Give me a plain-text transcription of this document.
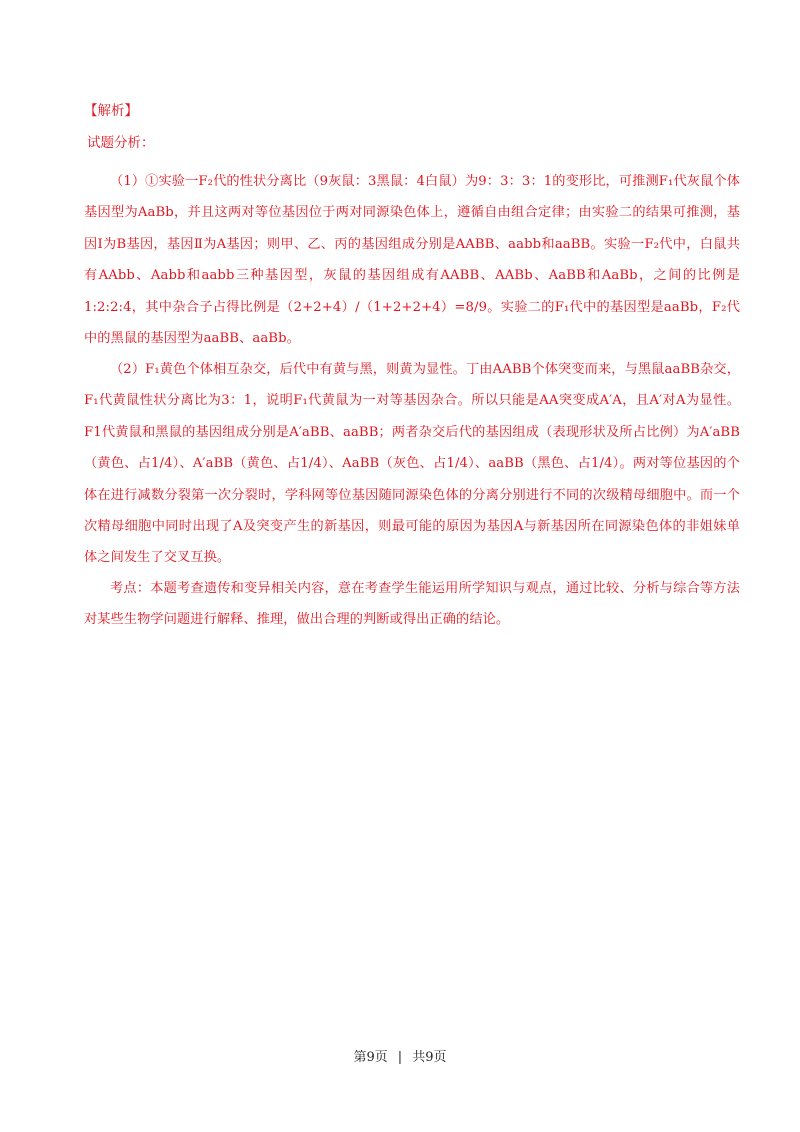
【解析】
试题分析：

（1）①实验一F₂代的性状分离比（9灰鼠：3黑鼠：4白鼠）为9：3：3：1的变形比，可推测F₁代灰鼠个体基因型为AaBb，并且这两对等位基因位于两对同源染色体上，遵循自由组合定律；由实验二的结果可推测，基因Ⅰ为B基因，基因Ⅱ为A基因；则甲、乙、丙的基因组成分别是AABB、aabb和aaBB。实验一F₂代中，白鼠共有AAbb、Aabb和aabb三种基因型，灰鼠的基因组成有AABB、AABb、AaBB和AaBb，之间的比例是1:2:2:4，其中杂合子占得比例是（2+2+4）/（1+2+2+4）=8/9。实验二的F₁代中的基因型是aaBb，F₂代中的黑鼠的基因型为aaBB、aaBb。

（2）F₁黄色个体相互杂交，后代中有黄与黑，则黄为显性。丁由AABB个体突变而来，与黑鼠aaBB杂交，F₁代黄鼠性状分离比为3：1，说明F₁代黄鼠为一对等基因杂合。所以只能是AA突变成A′A，且A′对A为显性。F1代黄鼠和黑鼠的基因组成分别是A′aBB、aaBB；两者杂交后代的基因组成（表现形状及所占比例）为A′aBB（黄色、占1/4）、A′aBB（黄色、占1/4）、AaBB（灰色、占1/4）、aaBB（黑色、占1/4）。两对等位基因的个体在进行减数分裂第一次分裂时，学科网等位基因随同源染色体的分离分别进行不同的次级精母细胞中。而一个次精母细胞中同时出现了A及突变产生的新基因，则最可能的原因为基因A与新基因所在同源染色体的非姐妹单体之间发生了交叉互换。

考点：本题考查遗传和变异相关内容，意在考查学生能运用所学知识与观点，通过比较、分析与综合等方法对某些生物学问题进行解释、推理，做出合理的判断或得出正确的结论。

第9页 | 共9页
